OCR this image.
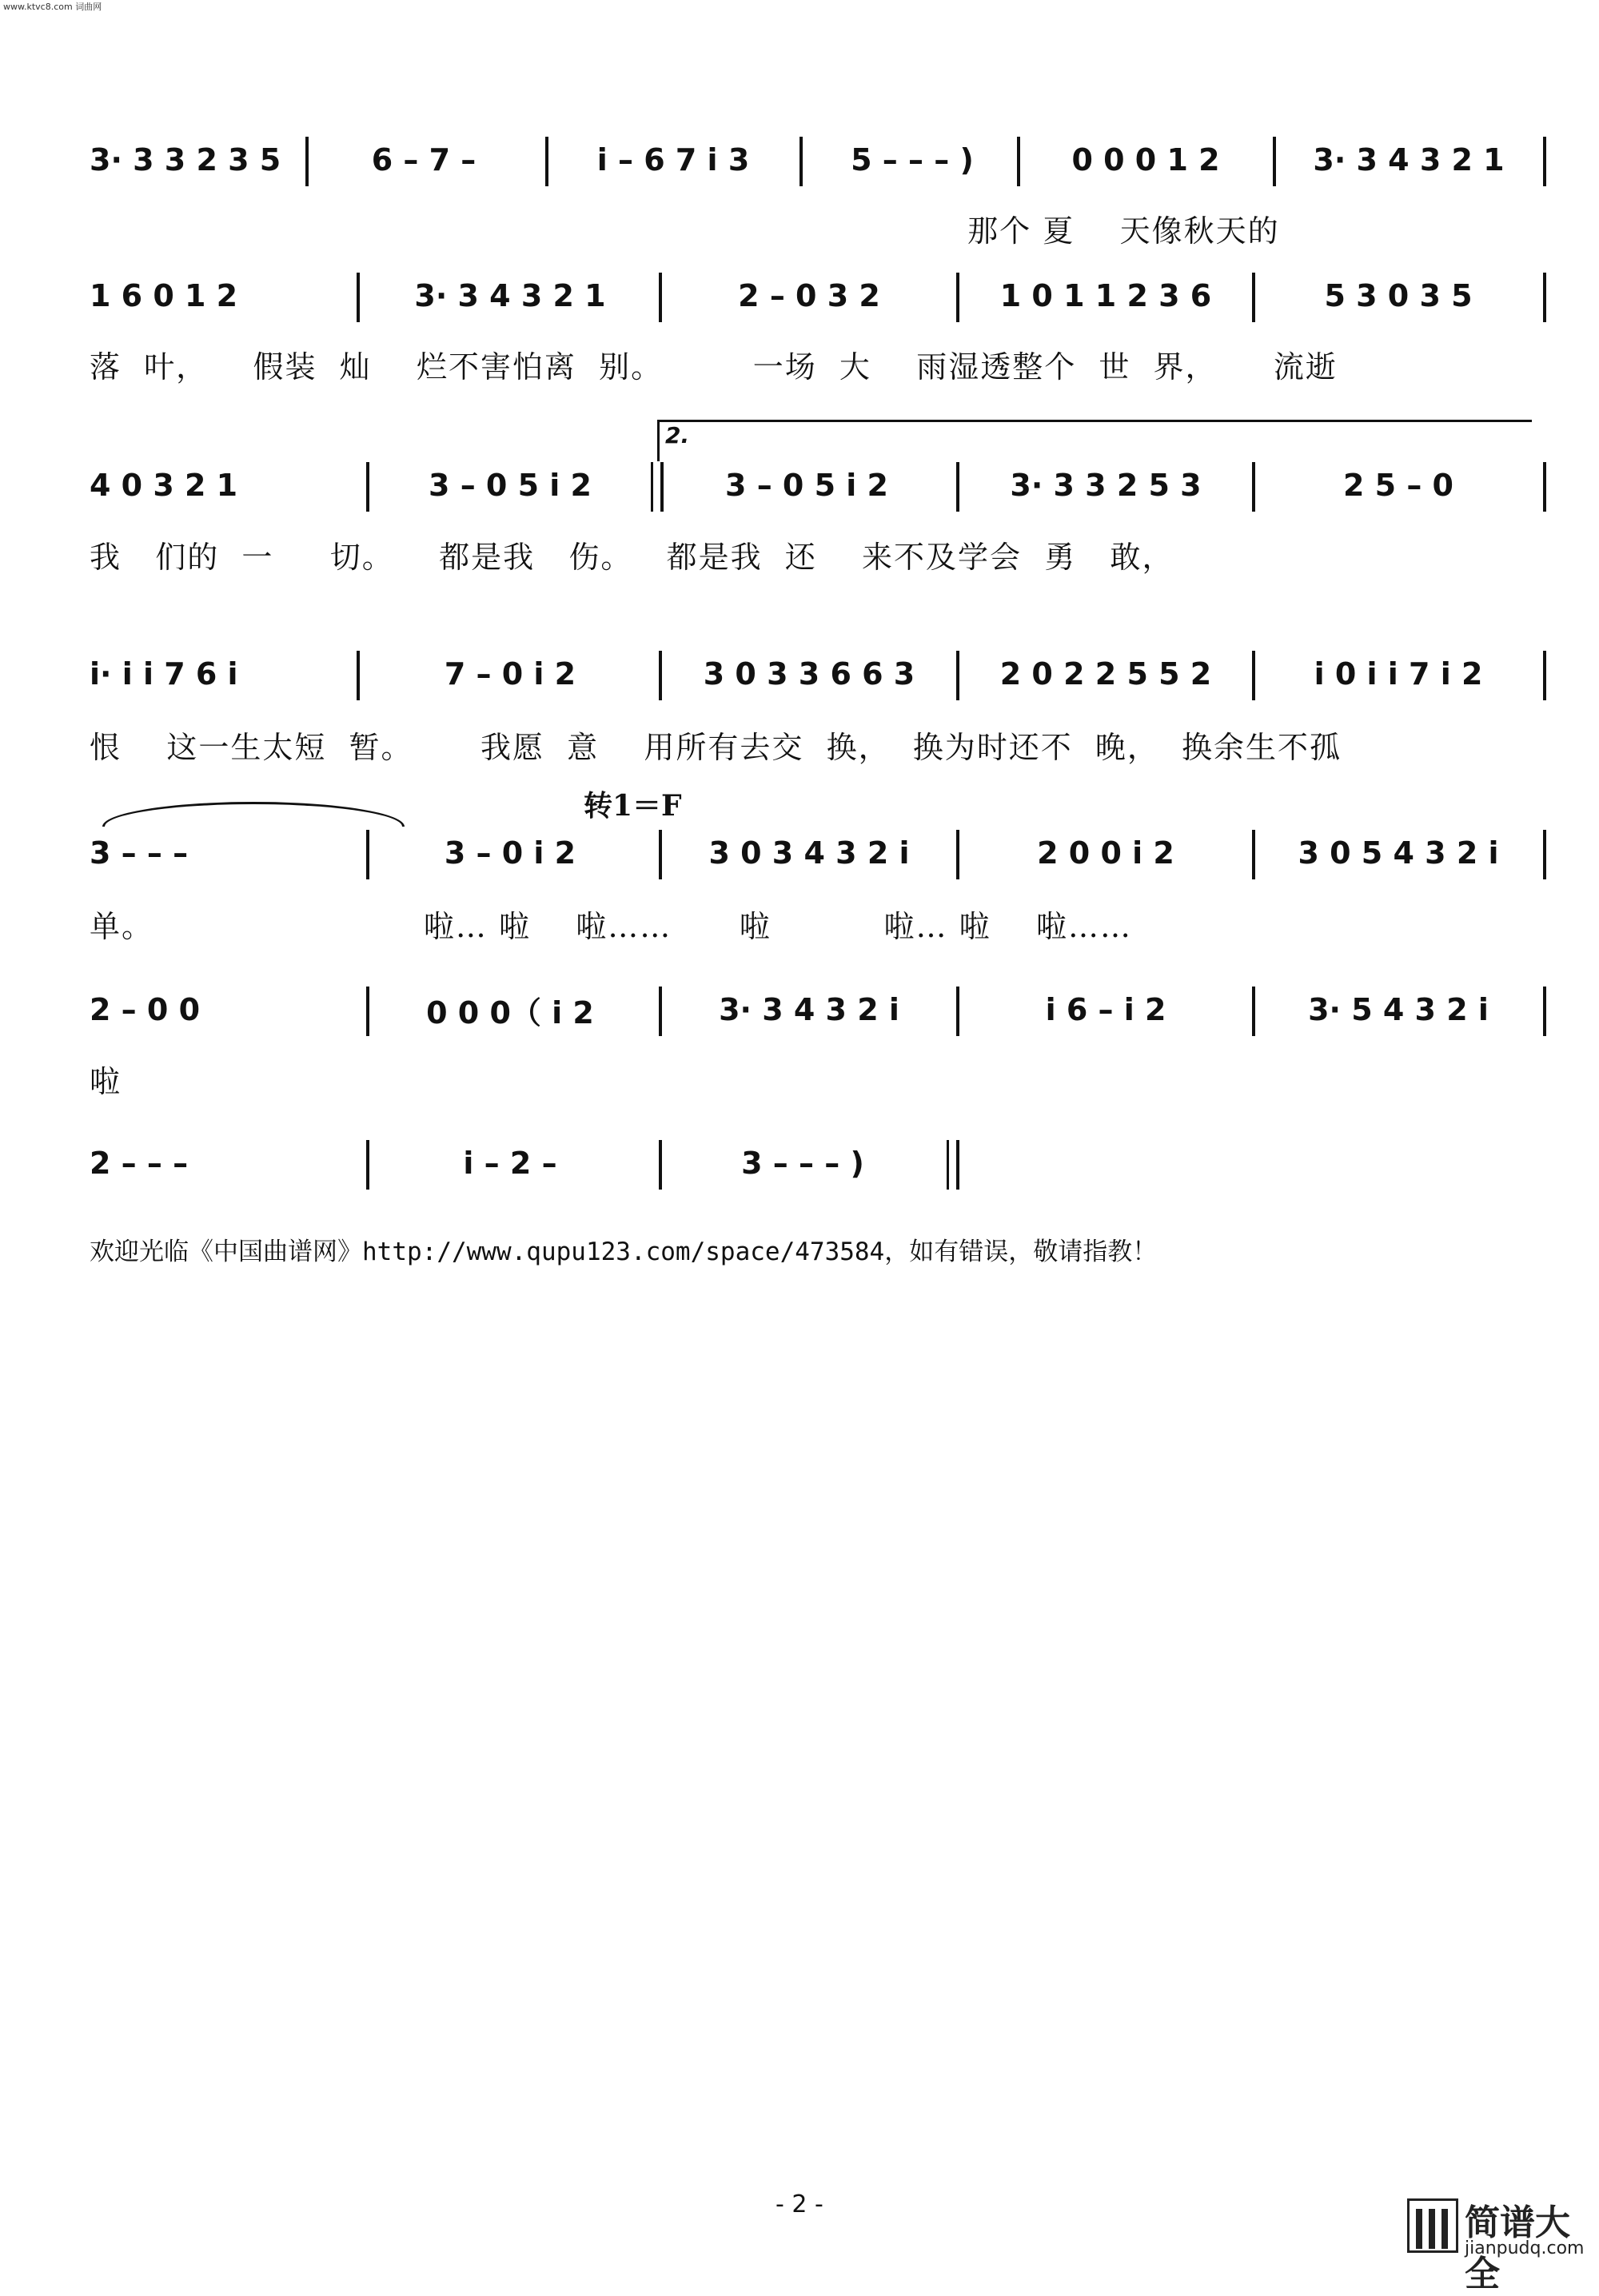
www.ktvc8.com 词曲网
3· 3 3 2 3 5	6 – 7 –	i – 6 7 i 3	5 – – – )	0 0 0 1 2	3· 3 4 3 2 1
那个 夏    天像秋天的
1 6 0 1 2	3· 3 4 3 2 1	2 – 0 3 2	1 0 1 1 2 3 6	5 3 0 3 5
落  叶，    假装  灿    烂不害怕离  别。        一场  大    雨湿透整个  世  界，     流逝
2.
4 0 3 2 1	3 – 0 5 i 2	3 – 0 5 i 2	3· 3 3 2 5 3	2 5 – 0
我   们的  一     切。    都是我   伤。   都是我  还    来不及学会  勇   敢，
i· i i 7 6 i	7 – 0 i 2	3 0 3 3 6 6 3	2 0 2 2 5 5 2	i 0 i i 7 i 2
恨    这一生太短  暂。      我愿  意    用所有去交  换，  换为时还不  晚，  换余生不孤
转1＝F
3 – – –	3 – 0 i 2	3 0 3 4 3 2 i	2 0 0 i 2	3 0 5 4 3 2 i
单。                        啦… 啦    啦……      啦          啦… 啦    啦……
2 – 0 0	0 0 0（ i 2	3· 3 4 3 2 i	i 6 – i 2	3· 5 4 3 2 i
啦
2 – – –	i – 2 –	3 – – – )
欢迎光临《中国曲谱网》http://www.qupu123.com/space/473584，如有错误，敬请指教！
- 2 -	简谱大全
jianpudq.com
